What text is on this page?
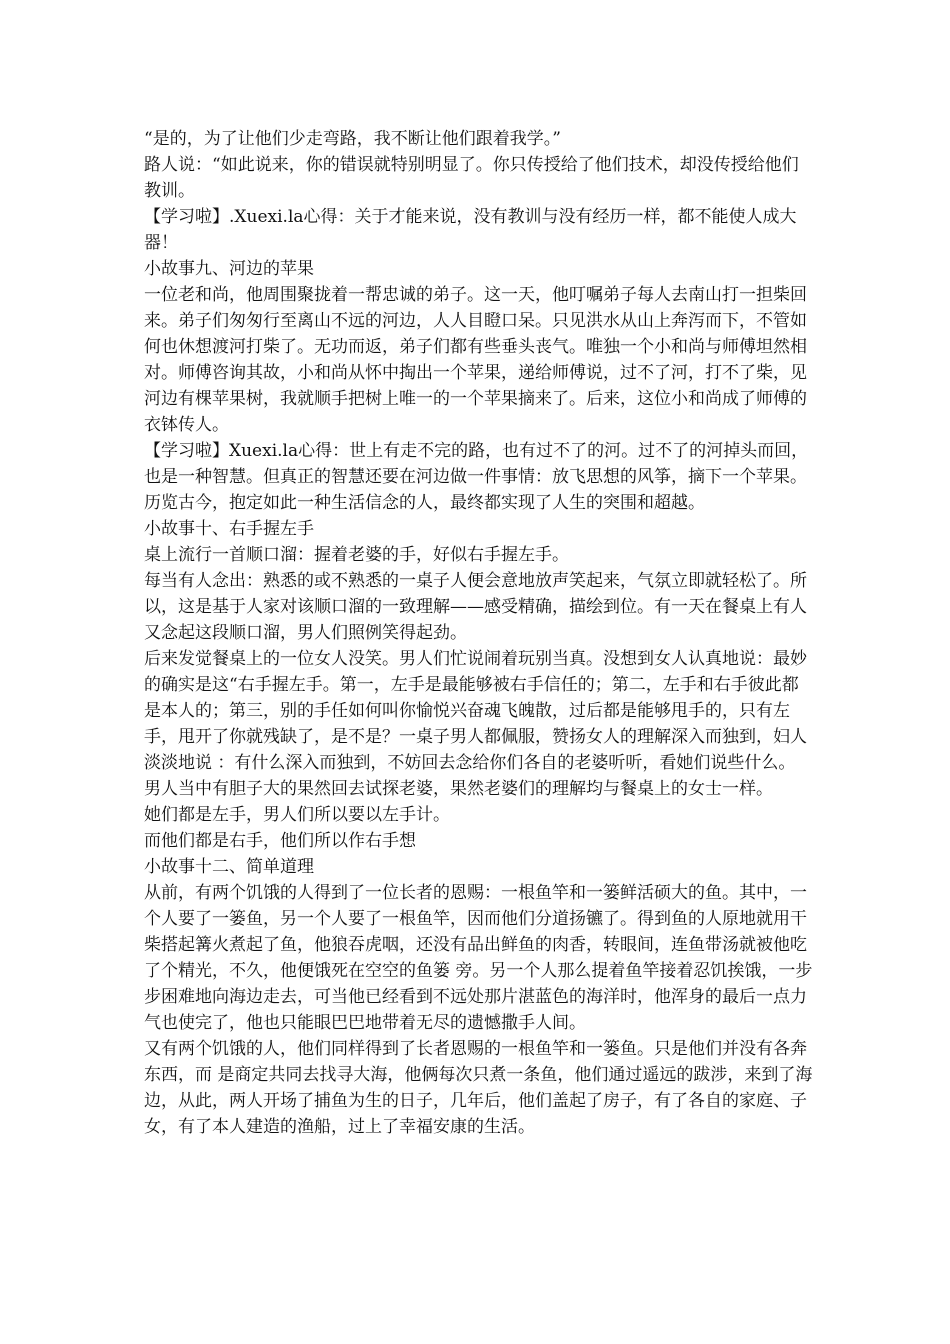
“是的，为了让他们少走弯路，我不断让他们跟着我学。”

路人说：“如此说来，你的错误就特别明显了。你只传授给了他们技术，却没传授给他们教训。

【学习啦】.Xuexi.la心得：关于才能来说，没有教训与没有经历一样，都不能使人成大器！

小故事九、河边的苹果

一位老和尚，他周围聚拢着一帮忠诚的弟子。这一天，他叮嘱弟子每人去南山打一担柴回来。弟子们匆匆行至离山不远的河边，人人目瞪口呆。只见洪水从山上奔泻而下，不管如何也休想渡河打柴了。无功而返，弟子们都有些垂头丧气。唯独一个小和尚与师傅坦然相对。师傅咨询其故，小和尚从怀中掏出一个苹果，递给师傅说，过不了河，打不了柴，见河边有棵苹果树，我就顺手把树上唯一的一个苹果摘来了。后来，这位小和尚成了师傅的衣钵传人。

【学习啦】Xuexi.la心得：世上有走不完的路，也有过不了的河。过不了的河掉头而回，也是一种智慧。但真正的智慧还要在河边做一件事情：放飞思想的风筝，摘下一个苹果。历览古今，抱定如此一种生活信念的人，最终都实现了人生的突围和超越。

小故事十、右手握左手

桌上流行一首顺口溜：握着老婆的手，好似右手握左手。

每当有人念出：熟悉的或不熟悉的一桌子人便会意地放声笑起来，气氛立即就轻松了。所以，这是基于人家对该顺口溜的一致理解——感受精确，描绘到位。有一天在餐桌上有人又念起这段顺口溜，男人们照例笑得起劲。

后来发觉餐桌上的一位女人没笑。男人们忙说闹着玩别当真。没想到女人认真地说：最妙的确实是这“右手握左手。第一，左手是最能够被右手信任的；第二，左手和右手彼此都是本人的；第三，别的手任如何叫你愉悦兴奋魂飞魄散，过后都是能够甩手的，只有左手，甩开了你就残缺了，是不是？一桌子男人都佩服，赞扬女人的理解深入而独到，妇人淡淡地说 ：有什么深入而独到，不妨回去念给你们各自的老婆听听，看她们说些什么。

男人当中有胆子大的果然回去试探老婆，果然老婆们的理解均与餐桌上的女士一样。

她们都是左手，男人们所以要以左手计。

而他们都是右手，他们所以作右手想

小故事十二、简单道理

从前，有两个饥饿的人得到了一位长者的恩赐：一根鱼竿和一篓鲜活硕大的鱼。其中，一个人要了一篓鱼，另一个人要了一根鱼竿，因而他们分道扬镳了。得到鱼的人原地就用干柴搭起篝火煮起了鱼，他狼吞虎咽，还没有品出鲜鱼的肉香，转眼间，连鱼带汤就被他吃了个精光，不久，他便饿死在空空的鱼篓 旁。另一个人那么提着鱼竿接着忍饥挨饿，一步步困难地向海边走去，可当他已经看到不远处那片湛蓝色的海洋时，他浑身的最后一点力气也使完了，他也只能眼巴巴地带着无尽的遗憾撒手人间。

又有两个饥饿的人，他们同样得到了长者恩赐的一根鱼竿和一篓鱼。只是他们并没有各奔东西，而 是商定共同去找寻大海，他俩每次只煮一条鱼，他们通过遥远的跋涉，来到了海边，从此，两人开场了捕鱼为生的日子，几年后，他们盖起了房子，有了各自的家庭、子女，有了本人建造的渔船，过上了幸福安康的生活。
